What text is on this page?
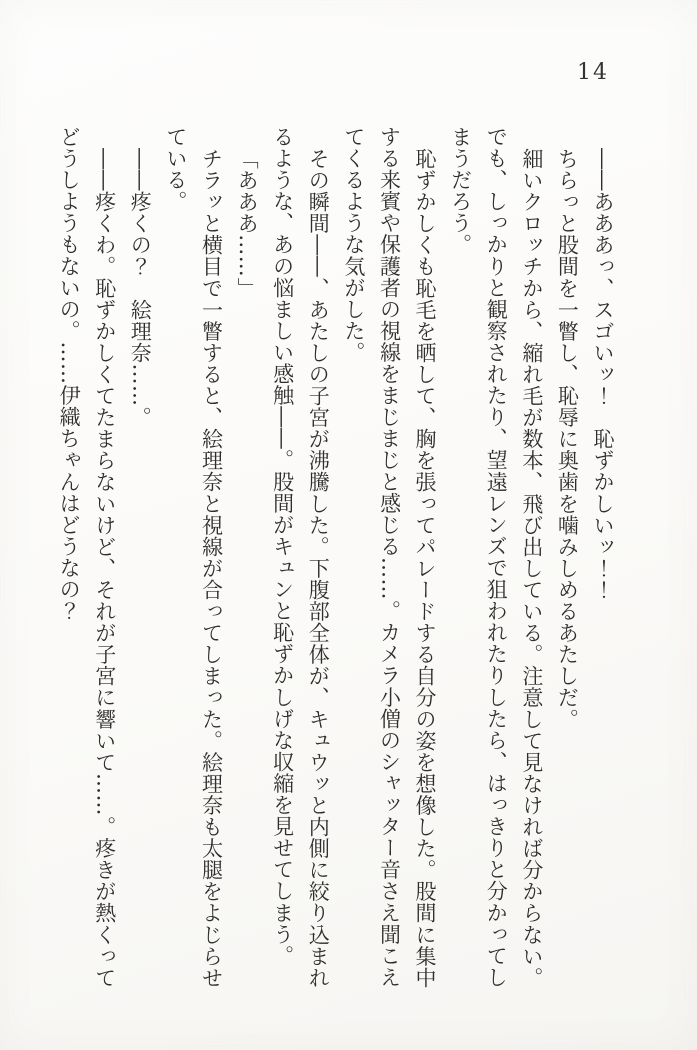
14

――あああっ、スゴいッ！　恥ずかしいッ！！

ちらっと股間を一瞥し、恥辱に奥歯を噛みしめるあたしだ。

細いクロッチから、縮れ毛が数本、飛び出している。注意して見なければ分からない。でも、しっかりと観察されたり、望遠レンズで狙われたりしたら、はっきりと分かってしまうだろう。

恥ずかしくも恥毛を晒して、胸を張ってパレードする自分の姿を想像した。股間に集中する来賓や保護者の視線をまじまじと感じる……。カメラ小僧のシャッター音さえ聞こえてくるような気がした。

その瞬間――、あたしの子宮が沸騰した。下腹部全体が、キュウッと内側に絞り込まれるような、あの悩ましい感触――。股間がキュンと恥ずかしげな収縮を見せてしまう。

「あああ……」

チラッと横目で一瞥すると、絵理奈と視線が合ってしまった。絵理奈も太腿をよじらせている。

――疼くの？　絵理奈……。

――疼くわ。恥ずかしくてたまらないけど、それが子宮に響いて……。疼きが熱くってどうしようもないの。……伊織ちゃんはどうなの？
